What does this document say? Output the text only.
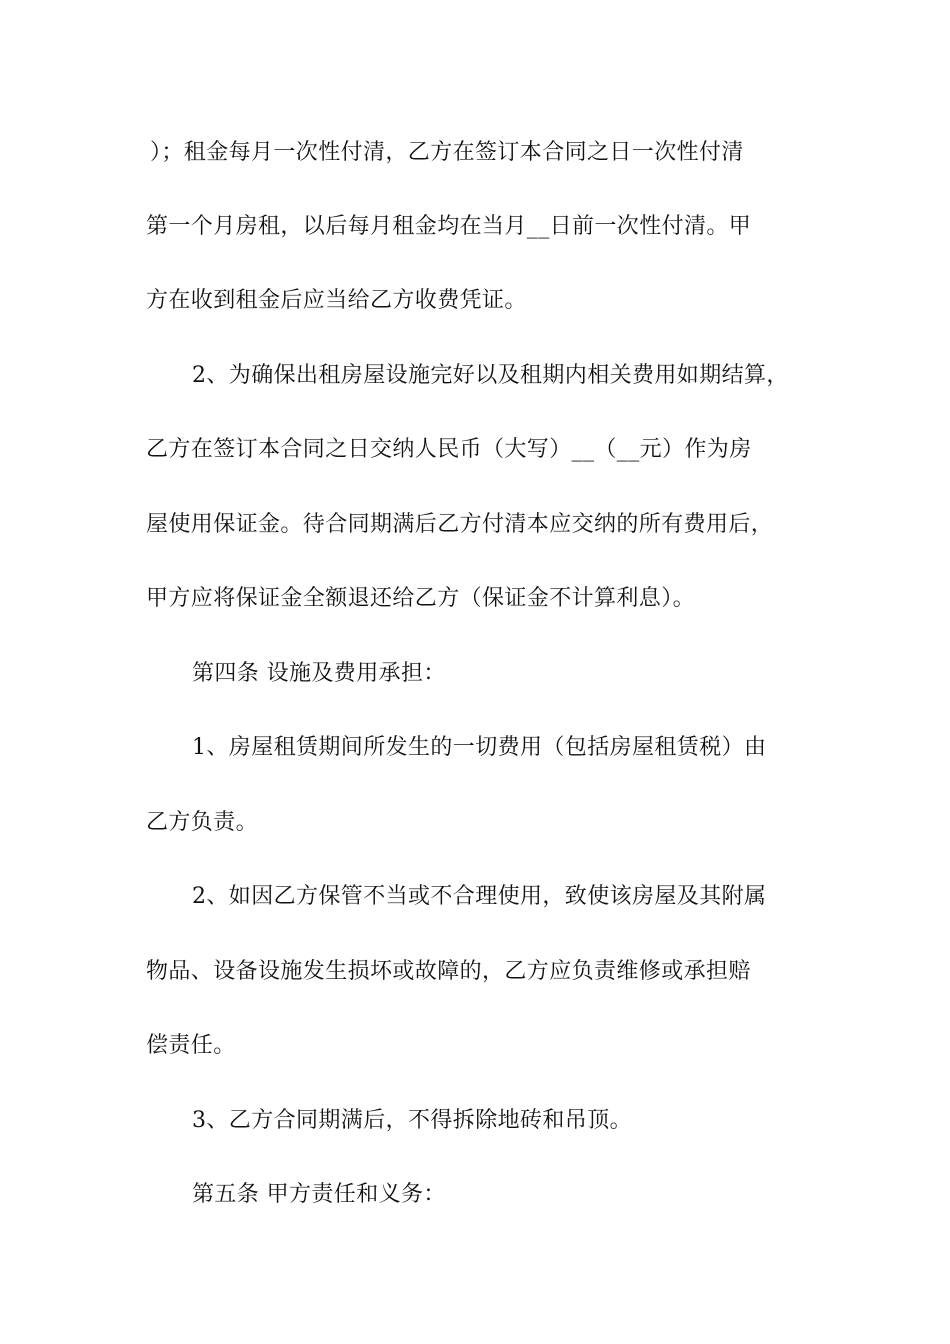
）；租金每月一次性付清，乙方在签订本合同之日一次性付清
第一个月房租，以后每月租金均在当月__日前一次性付清。甲
方在收到租金后应当给乙方收费凭证。
2、为确保出租房屋设施完好以及租期内相关费用如期结算，
乙方在签订本合同之日交纳人民币（大写）__（__元）作为房
屋使用保证金。待合同期满后乙方付清本应交纳的所有费用后，
甲方应将保证金全额退还给乙方（保证金不计算利息）。
第四条 设施及费用承担：
1、房屋租赁期间所发生的一切费用（包括房屋租赁税）由
乙方负责。
2、如因乙方保管不当或不合理使用，致使该房屋及其附属
物品、设备设施发生损坏或故障的，乙方应负责维修或承担赔
偿责任。
3、乙方合同期满后，不得拆除地砖和吊顶。
第五条 甲方责任和义务：
